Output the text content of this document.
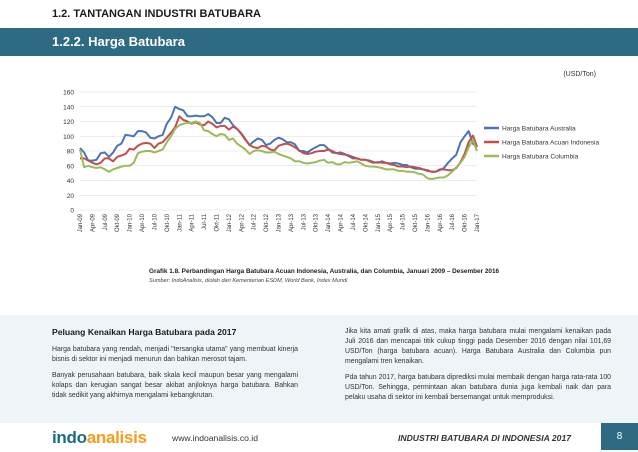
1.2. TANTANGAN INDUSTRI BATUBARA
1.2.2. Harga Batubara
0
20
40
60
80
100
120
140
160
Jan-09 Apr-09 Jul-09 Okt-09 Jan-10 Apr-10 Jul-10 Okt-10 Jan-11 Apr-11 Jul-11 Okt-11 Jan-12 Apr-12 Jul-12 Okt-12 Jan-13 Apr-13 Jul-13 Okt-13 Jan-14 Apr-14 Jul-14 Okt-14 Jan-15 Apr-15 Jul-15 Okt-15 Jan-16 Apr-16 Jul-16 Okt-16 Jan-17
Harga Batubara Australia
Harga Batubara Acuan Indonesia
Harga Batubara Columbia
(USD/Ton)
Grafik 1.8. Perbandingan Harga Batubara Acuan Indonesia, Australia, dan Columbia, Januari 2009 – Desember 2016
Sumber: IndoAnalisis, diolah dari Kementerian ESDM, World Bank, Index Mundi
Peluang Kenaikan Harga Batubara pada 2017

Harga batubara yang rendah, menjadi "tersangka utama" yang membuat kinerja bisnis di sektor ini menjadi menurun dan bahkan merosot tajam.

Banyak perusahaan batubara, baik skala kecil maupun besar yang mengalami kolaps dan kerugian sangat besar akibat anjloknya harga batubara. Bahkan tidak sedikit yang akhirnya mengalami kebangkrutan.

Jika kita amati grafik di atas, maka harga batubara mulai mengalami kenaikan pada Juli 2016 dan mencapai titik cukup tinggi pada Desember 2016 dengan nilai 101,69 USD/Ton (harga batubara acuan). Harga Batubara Australia dan Columbia pun mengalami tren kenaikan.

Pda tahun 2017, harga batubara diprediksi mulai membaik dengan harga rata-rata 100 USD/Ton. Sehingga, permintaan akan batubara dunia juga kembali naik dan para pelaku usaha di sektor ini kembali bersemangat untuk memproduksi.

indoanalisis	www.indoanalisis.co.id	INDUSTRI BATUBARA DI INDONESIA 2017	8
